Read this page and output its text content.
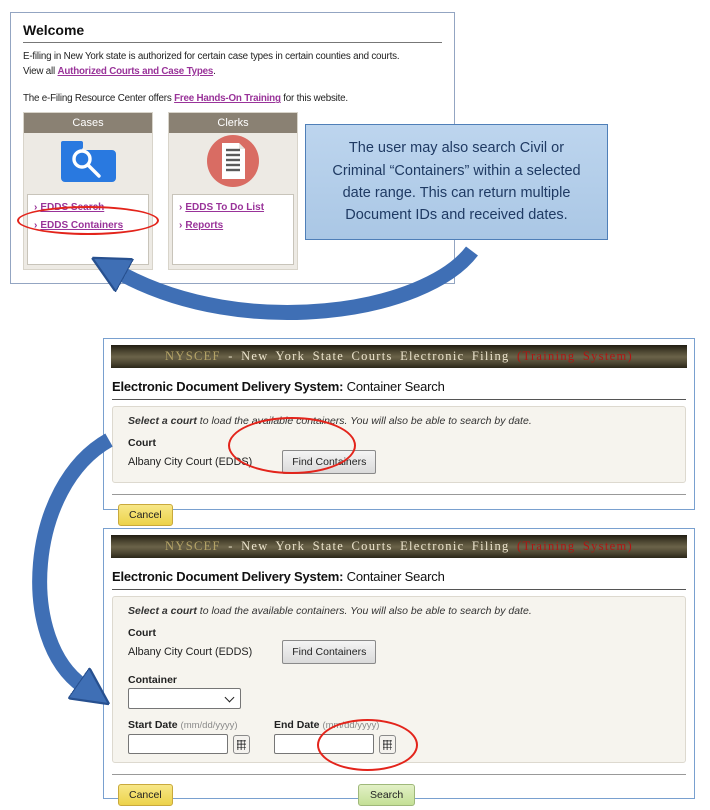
Welcome
E-filing in New York state is authorized for certain case types in certain counties and courts.
View all Authorized Courts and Case Types.
The e-Filing Resource Center offers Free Hands-On Training for this website.
Cases
› EDDS Search
› EDDS Containers
Clerks
› EDDS To Do List
› Reports
The user may also search Civil or
Criminal “Containers” within a selected
date range. This can return multiple
Document IDs and received dates.
NYSCEF - New York State Courts Electronic Filing (Training System)
Electronic Document Delivery System: Container Search
Select a court to load the available containers. You will also be able to search by date.
Court
Albany City Court (EDDS)	Find Containers
Cancel
NYSCEF - New York State Courts Electronic Filing (Training System)
Electronic Document Delivery System: Container Search
Select a court to load the available containers. You will also be able to search by date.
Court
Albany City Court (EDDS)	Find Containers
Container
Start Date (mm/dd/yyyy)	End Date (mm/dd/yyyy)
Cancel	Search
